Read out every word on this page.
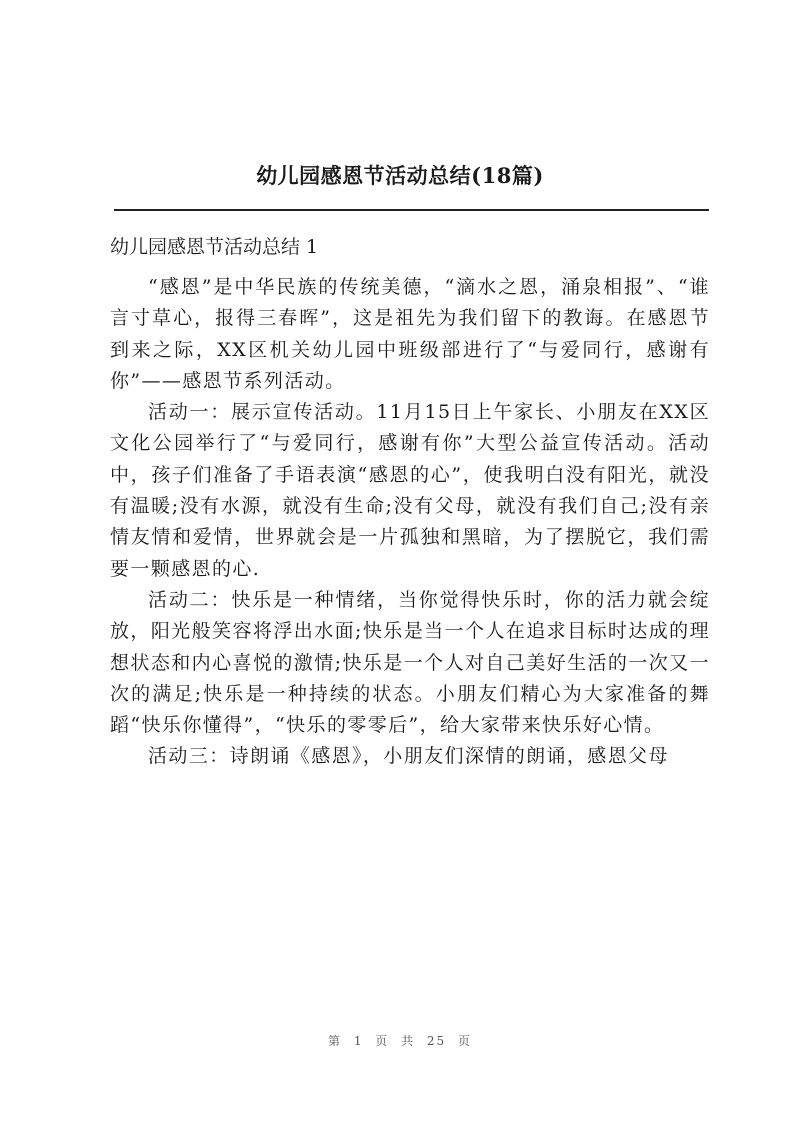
幼儿园感恩节活动总结(18篇)
幼儿园感恩节活动总结 1

“感恩”是中华民族的传统美德，“滴水之恩，涌泉相报”、“谁言寸草心，报得三春晖”，这是祖先为我们留下的教诲。在感恩节到来之际，XX区机关幼儿园中班级部进行了“与爱同行，感谢有你”——感恩节系列活动。

活动一：展示宣传活动。11月15日上午家长、小朋友在XX区文化公园举行了“与爱同行，感谢有你”大型公益宣传活动。活动中，孩子们准备了手语表演“感恩的心”，使我明白没有阳光，就没有温暖;没有水源，就没有生命;没有父母，就没有我们自己;没有亲情友情和爱情，世界就会是一片孤独和黑暗，为了摆脱它，我们需要一颗感恩的心.

活动二：快乐是一种情绪，当你觉得快乐时，你的活力就会绽放，阳光般笑容将浮出水面;快乐是当一个人在追求目标时达成的理想状态和内心喜悦的激情;快乐是一个人对自己美好生活的一次又一次的满足;快乐是一种持续的状态。小朋友们精心为大家准备的舞蹈“快乐你懂得”，“快乐的零零后”，给大家带来快乐好心情。

活动三：诗朗诵《感恩》，小朋友们深情的朗诵，感恩父母

第 1 页 共 25 页
